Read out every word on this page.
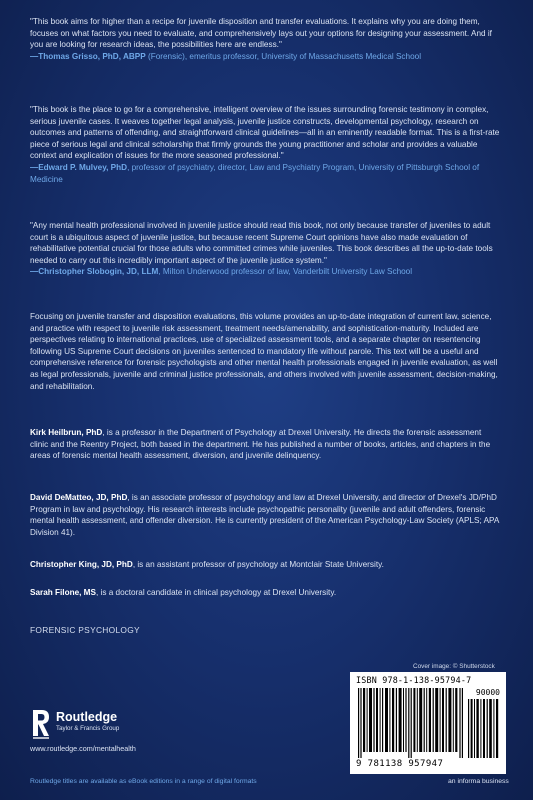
"This book aims for higher than a recipe for juvenile disposition and transfer evaluations. It explains why you are doing them, focuses on what factors you need to evaluate, and comprehensively lays out your options for designing your assessment. And if you are looking for research ideas, the possibilities here are endless."
—Thomas Grisso, PhD, ABPP (Forensic), emeritus professor, University of Massachusetts Medical School

"This book is the place to go for a comprehensive, intelligent overview of the issues surrounding forensic testimony in complex, serious juvenile cases. It weaves together legal analysis, juvenile justice constructs, developmental psychology, research on outcomes and patterns of offending, and straightforward clinical guidelines—all in an eminently readable format. This is a first-rate piece of serious legal and clinical scholarship that firmly grounds the young practitioner and scholar and provides a valuable context and explication of issues for the more seasoned professional."
—Edward P. Mulvey, PhD, professor of psychiatry, director, Law and Psychiatry Program, University of Pittsburgh School of Medicine

"Any mental health professional involved in juvenile justice should read this book, not only because transfer of juveniles to adult court is a ubiquitous aspect of juvenile justice, but because recent Supreme Court opinions have also made evaluation of rehabilitative potential crucial for those adults who committed crimes while juveniles. This book describes all the up-to-date tools needed to carry out this incredibly important aspect of the juvenile justice system."
—Christopher Slobogin, JD, LLM, Milton Underwood professor of law, Vanderbilt University Law School

Focusing on juvenile transfer and disposition evaluations, this volume provides an up-to-date integration of current law, science, and practice with respect to juvenile risk assessment, treatment needs/amenability, and sophistication-maturity. Included are perspectives relating to international practices, use of specialized assessment tools, and a separate chapter on resentencing following US Supreme Court decisions on juveniles sentenced to mandatory life without parole. This text will be a useful and comprehensive reference for forensic psychologists and other mental health professionals engaged in juvenile evaluation, as well as legal professionals, juvenile and criminal justice professionals, and others involved with juvenile assessment, decision-making, and rehabilitation.

Kirk Heilbrun, PhD, is a professor in the Department of Psychology at Drexel University. He directs the forensic assessment clinic and the Reentry Project, both based in the department. He has published a number of books, articles, and chapters in the areas of forensic mental health assessment, diversion, and juvenile delinquency.

David DeMatteo, JD, PhD, is an associate professor of psychology and law at Drexel University, and director of Drexel's JD/PhD Program in law and psychology. His research interests include psychopathic personality (juvenile and adult offenders, forensic mental health assessment, and offender diversion. He is currently president of the American Psychology-Law Society (APLS; APA Division 41).

Christopher King, JD, PhD, is an assistant professor of psychology at Montclair State University.

Sarah Filone, MS, is a doctoral candidate in clinical psychology at Drexel University.

FORENSIC PSYCHOLOGY
Cover image: © Shutterstock
ISBN 978-1-138-95794-7
90000
9 781138 957947
Routledge
Taylor & Francis Group
www.routledge.com/mentalhealth
Routledge titles are available as eBook editions in a range of digital formats	an informa business
